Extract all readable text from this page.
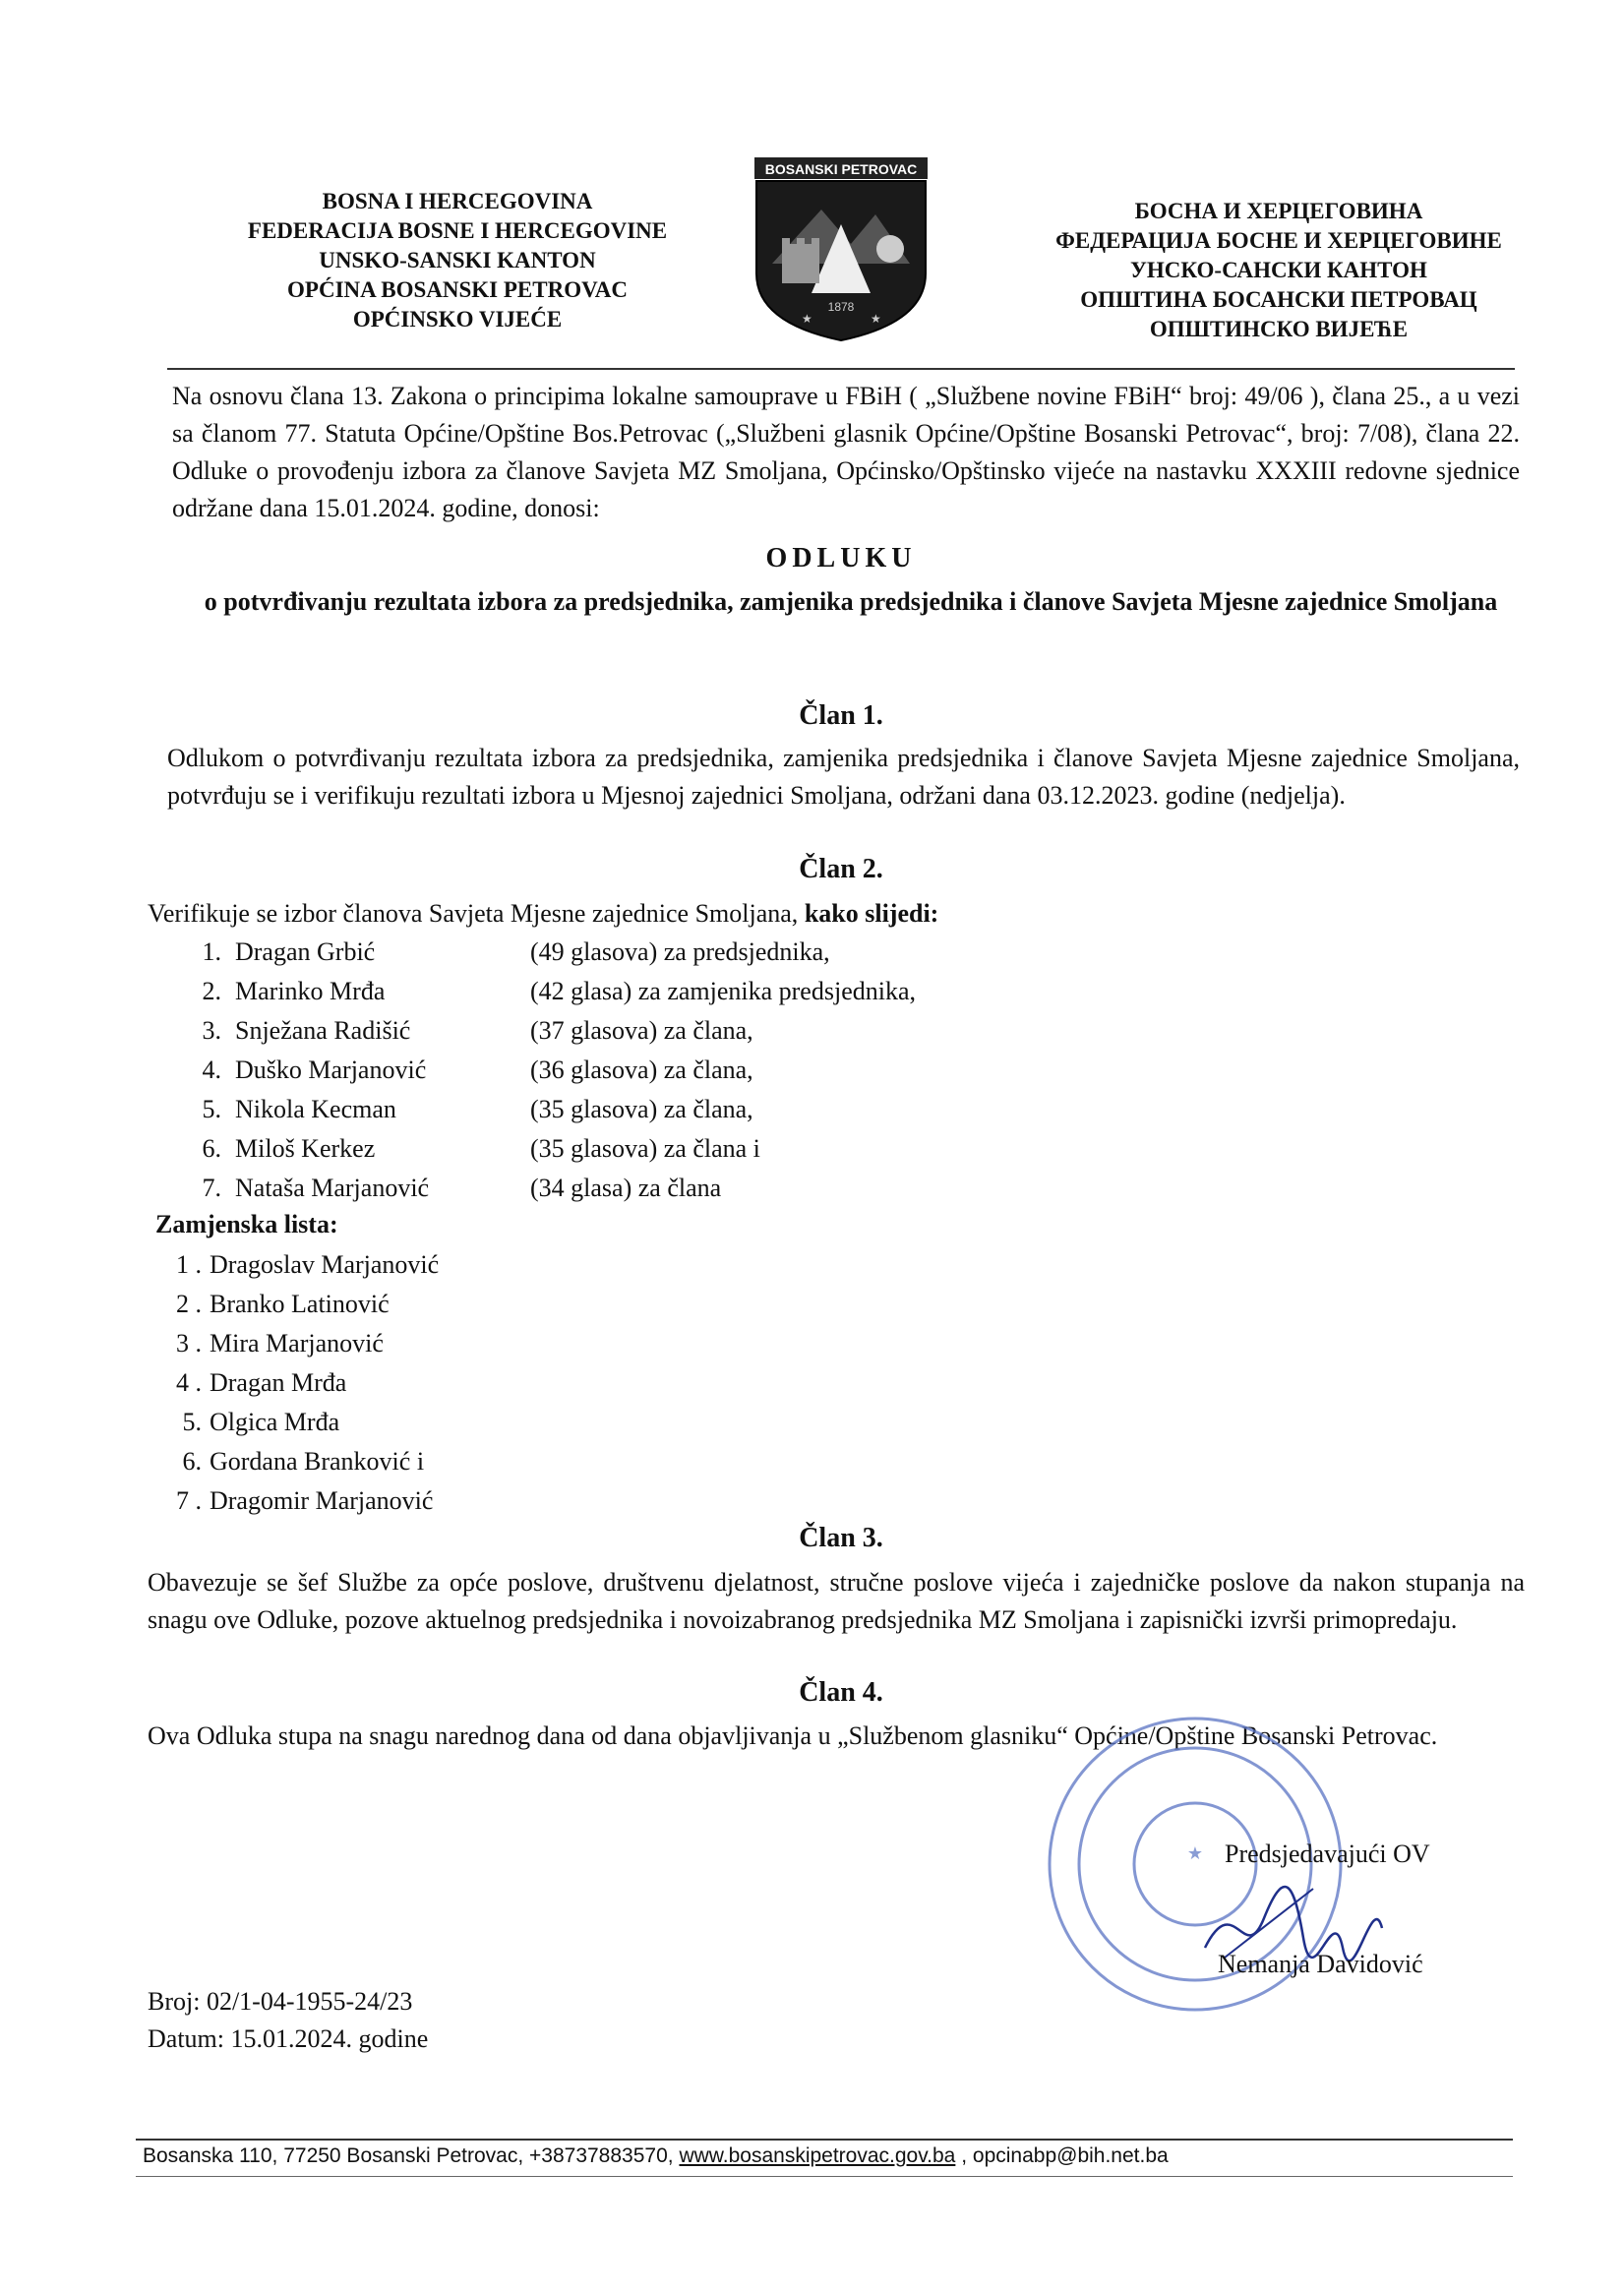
BOSNA I HERCEGOVINA
FEDERACIJA BOSNE I HERCEGOVINE
UNSKO-SANSKI KANTON
OPĆINA BOSANSKI PETROVAC
OPĆINSKO VIJEĆE
BOSANSKI PETROVAC
1878
★	★
БОСНА И ХЕРЦЕГОВИНА
ФЕДЕРАЦИЈА БОСНЕ И ХЕРЦЕГОВИНЕ
УНСКО-САНСКИ КАНТОН
ОПШТИНА БОСАНСКИ ПЕТРОВАЦ
ОПШТИНСКО ВИЈЕЋЕ
Na osnovu člana 13. Zakona o principima lokalne samouprave u FBiH ( „Službene novine FBiH“ broj: 49/06 ), člana 25., a u vezi sa članom 77. Statuta Općine/Opštine Bos.Petrovac („Službeni glasnik Općine/Opštine Bosanski Petrovac“, broj: 7/08), člana 22. Odluke o provođenju izbora za članove Savjeta MZ Smoljana, Općinsko/Opštinsko vijeće na nastavku XXXIII redovne sjednice održane dana 15.01.2024. godine, donosi:
ODLUKU
o potvrđivanju rezultata izbora za predsjednika, zamjenika predsjednika i članove Savjeta Mjesne zajednice Smoljana
Član 1.
Odlukom o potvrđivanju rezultata izbora za predsjednika, zamjenika predsjednika i članove Savjeta Mjesne zajednice Smoljana, potvrđuju se i verifikuju rezultati izbora u Mjesnoj zajednici Smoljana, održani dana 03.12.2023. godine (nedjelja).
Član 2.
Verifikuje se izbor članova Savjeta Mjesne zajednice Smoljana, kako slijedi:
1. Dragan Grbić	(49 glasova) za predsjednika,
2. Marinko Mrđa	(42 glasa) za zamjenika predsjednika,
3. Snježana Radišić	(37 glasova) za člana,
4. Duško Marjanović	(36 glasova) za člana,
5. Nikola Kecman	(35 glasova) za člana,
6. Miloš Kerkez	(35 glasova) za člana i
7. Nataša Marjanović	(34 glasa) za člana
Zamjenska lista:
1 . Dragoslav Marjanović
2 . Branko Latinović
3 . Mira Marjanović
4 . Dragan Mrđa
5. Olgica Mrđa
6. Gordana Branković i
7 . Dragomir Marjanović
Član 3.
Obavezuje se šef Službe za opće poslove, društvenu djelatnost, stručne poslove vijeća i zajedničke poslove da nakon stupanja na snagu ove Odluke, pozove aktuelnog predsjednika i novoizabranog predsjednika MZ Smoljana i zapisnički izvrši primopredaju.
Član 4.
Ova Odluka stupa na snagu narednog dana od dana objavljivanja u „Službenom glasniku“ Općine/Opštine Bosanski Petrovac.
★ Predsjedavajući OV
Nemanja Davidović
Broj: 02/1-04-1955-24/23
Datum: 15.01.2024. godine
Bosanska 110, 77250 Bosanski Petrovac, +38737883570, www.bosanskipetrovac.gov.ba , opcinabp@bih.net.ba
